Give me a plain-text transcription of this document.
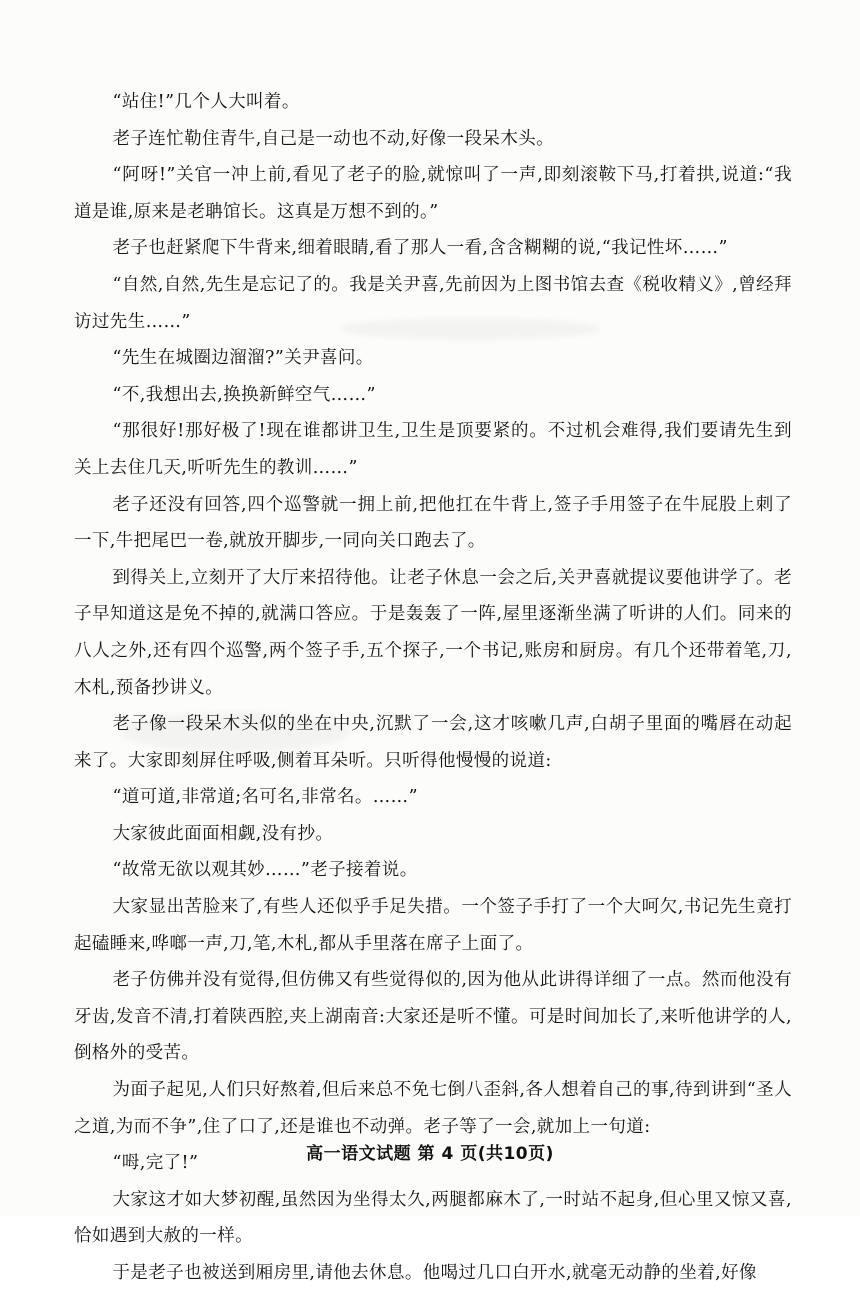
“站住!”几个人大叫着。

老子连忙勒住青牛,自己是一动也不动,好像一段呆木头。

“阿呀!”关官一冲上前,看见了老子的脸,就惊叫了一声,即刻滚鞍下马,打着拱,说道:“我道是谁,原来是老聃馆长。这真是万想不到的。”

老子也赶紧爬下牛背来,细着眼睛,看了那人一看,含含糊糊的说,“我记性坏……”

“自然,自然,先生是忘记了的。我是关尹喜,先前因为上图书馆去查《税收精义》,曾经拜访过先生……”

“先生在城圈边溜溜?”关尹喜问。

“不,我想出去,换换新鲜空气……”

“那很好!那好极了!现在谁都讲卫生,卫生是顶要紧的。不过机会难得,我们要请先生到关上去住几天,听听先生的教训……”

老子还没有回答,四个巡警就一拥上前,把他扛在牛背上,签子手用签子在牛屁股上刺了一下,牛把尾巴一卷,就放开脚步,一同向关口跑去了。

到得关上,立刻开了大厅来招待他。让老子休息一会之后,关尹喜就提议要他讲学了。老子早知道这是免不掉的,就满口答应。于是轰轰了一阵,屋里逐渐坐满了听讲的人们。同来的八人之外,还有四个巡警,两个签子手,五个探子,一个书记,账房和厨房。有几个还带着笔,刀,木札,预备抄讲义。

老子像一段呆木头似的坐在中央,沉默了一会,这才咳嗽几声,白胡子里面的嘴唇在动起来了。大家即刻屏住呼吸,侧着耳朵听。只听得他慢慢的说道:

“道可道,非常道;名可名,非常名。……”

大家彼此面面相觑,没有抄。

“故常无欲以观其妙……”老子接着说。

大家显出苦脸来了,有些人还似乎手足失措。一个签子手打了一个大呵欠,书记先生竟打起磕睡来,哗啷一声,刀,笔,木札,都从手里落在席子上面了。

老子仿佛并没有觉得,但仿佛又有些觉得似的,因为他从此讲得详细了一点。然而他没有牙齿,发音不清,打着陕西腔,夹上湖南音:大家还是听不懂。可是时间加长了,来听他讲学的人,倒格外的受苦。

为面子起见,人们只好熬着,但后来总不免七倒八歪斜,各人想着自己的事,待到讲到“圣人之道,为而不争”,住了口了,还是谁也不动弹。老子等了一会,就加上一句道:

“呣,完了!”

大家这才如大梦初醒,虽然因为坐得太久,两腿都麻木了,一时站不起身,但心里又惊又喜,恰如遇到大赦的一样。

于是老子也被送到厢房里,请他去休息。他喝过几口白开水,就毫无动静的坐着,好像

高一语文试题 第 4 页(共10页)
